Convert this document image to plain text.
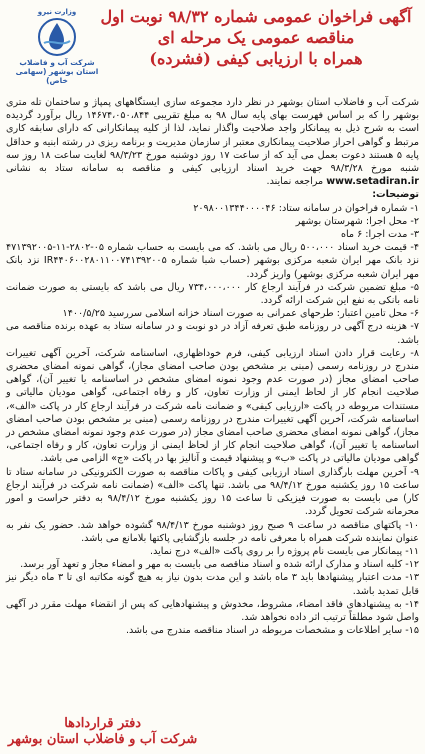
آگهی فراخوان عمومی شماره ۹۸/۳۲ نوبت اول
مناقصه عمومی یک مرحله ای
همراه با ارزیابی کیفی (فشرده)
وزارت نیرو
شرکت آب و فاضلاب
استان بوشهر (سهامی خاص)

شرکت آب و فاضلاب استان بوشهر در نظر دارد مجموعه سازی ایستگاههای پمپاژ و ساختمان تله متری بوشهر را که بر اساس فهرست بهای پایه سال ۹۸ به مبلغ تقریبی ۱۴۶۷۴،۰۵۰،۸۴۴ ریال برآورد گردیده است به شرح ذیل به پیمانکار واجد صلاحیت واگذار نماید، لذا از کلیه پیمانکارانی که دارای سابقه کاری مرتبط و گواهی احراز صلاحیت پیمانکاری معتبر از سازمان مدیریت و برنامه ریزی در رشته ابنیه و حداقل پایه ۵ هستند دعوت بعمل می آید که از ساعت ۱۷ روز دوشنبه مورخ ۹۸/۳/۲۳ لغایت ساعت ۱۸ روز سه شنبه مورخ ۹۸/۳/۲۸ جهت خرید اسناد ارزیابی کیفی و مناقصه به سامانه ستاد به نشانی www.setadiran.ir مراجعه نمایند.

توضیحات:

۱- شماره فراخوان در سامانه ستاد: ۲۰۹۸۰۰۱۳۴۴۰۰۰۰۴۶
۲- محل اجرا: شهرستان بوشهر
۳- مدت اجرا: ۶ ماه
۴- قیمت خرید اسناد ۵۰۰،۰۰۰ ریال می باشد. که می بایست به حساب شماره ۰۵-۲۸۰۲-۱۱-۴۷۱۳۹۲۰۰۵ نزد بانک مهر ایران شعبه مرکزی بوشهر (حساب شبا شماره IR۴۴۰۶۰۰۲۸۰۱۱۰۰۷۴۱۳۹۲۰۰۵ نزد بانک مهر ایران شعبه مرکزی بوشهر) واریز گردد.
۵- مبلغ تضمین شرکت در فرآیند ارجاع کار ۷۳۴،۰۰۰،۰۰۰ ریال می باشد که بایستی به صورت ضمانت نامه بانکی به نفع این شرکت ارائه گردد.
۶- محل تامین اعتبار: طرحهای عمرانی به صورت اسناد خزانه اسلامی سررسید ۱۴۰۰/۵/۲۵
۷- هزینه درج آگهی در روزنامه طبق تعرفه آزاد در دو نوبت و در سامانه ستاد به عهده برنده مناقصه می باشد.
۸- رعایت قرار دادن اسناد ارزیابی کیفی، فرم خوداظهاری، اساسنامه شرکت، آخرین آگهی تغییرات مندرج در روزنامه رسمی (مبنی بر مشخص بودن صاحب امضای مجاز)، گواهی نمونه امضای محضری صاحب امضای مجاز (در صورت عدم وجود نمونه امضای مشخص در اساسنامه یا تغییر آن)، گواهی صلاحیت انجام کار از لحاظ ایمنی از وزارت تعاون، کار و رفاه اجتماعی، گواهی مودیان مالیاتی و مستندات مربوطه در پاکت «ارزیابی کیفی» و ضمانت نامه شرکت در فرآیند ارجاع کار در پاکت «الف»، اساسنامه شرکت، آخرین آگهی تغییرات مندرج در روزنامه رسمی (مبنی بر مشخص بودن صاحب امضای مجاز)، گواهی نمونه امضای محضری صاحب امضای مجاز (در صورت عدم وجود نمونه امضای مشخص در اساسنامه یا تغییر آن)، گواهی صلاحیت انجام کار از لحاظ ایمنی از وزارت تعاون، کار و رفاه اجتماعی، گواهی مودیان مالیاتی در پاکت «ب» و پیشنهاد قیمت و آنالیز بها در پاکت «ج» الزامی می باشد.
۹- آخرین مهلت بارگذاری اسناد ارزیابی کیفی و پاکات مناقصه به صورت الکترونیکی در سامانه ستاد تا ساعت ۱۵ روز یکشنبه مورخ ۹۸/۴/۱۲ می باشد. تنها پاکت «الف» (ضمانت نامه شرکت در فرآیند ارجاع کار) می بایست به صورت فیزیکی تا ساعت ۱۵ روز یکشنبه مورخ ۹۸/۴/۱۲ به دفتر حراست و امور محرمانه شرکت تحویل گردد.
۱۰- پاکتهای مناقصه در ساعت ۹ صبح روز دوشنبه مورخ ۹۸/۴/۱۳ گشوده خواهد شد. حضور یک نفر به عنوان نماینده شرکت همراه با معرفی نامه در جلسه بازگشایی پاکتها بلامانع می باشد.
۱۱- پیمانکار می بایست نام پروژه را بر روی پاکت «الف» درج نماید.
۱۲- کلیه اسناد و مدارک ارائه شده و اسناد مناقصه می بایست به مهر و امضاء مجاز و تعهد آور برسد.
۱۳- مدت اعتبار پیشنهادها باید ۳ ماه باشد و این مدت بدون نیاز به هیچ گونه مکاتبه ای تا ۳ ماه دیگر نیز قابل تمدید باشد.
۱۴- به پیشنهادهای فاقد امضاء، مشروط، مخدوش و پیشنهادهایی که پس از انقضاء مهلت مقرر در آگهی واصل شود مطلقاً ترتیب اثر داده نخواهد شد.
۱۵- سایر اطلاعات و مشخصات مربوطه در اسناد مناقصه مندرج می باشد.
دفتر قراردادها
شرکت آب و فاضلاب استان بوشهر
